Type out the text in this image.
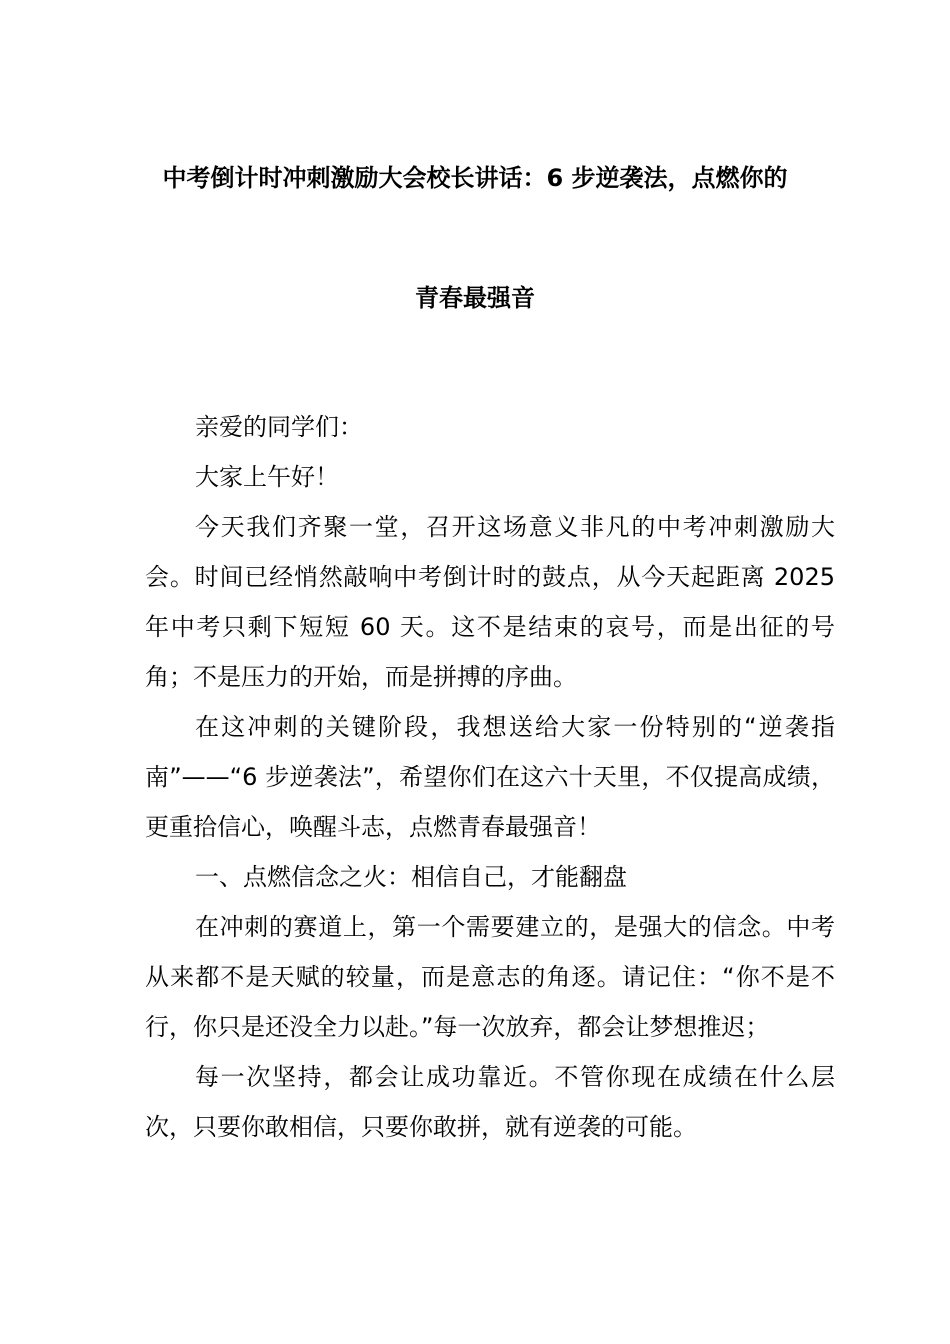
中考倒计时冲刺激励大会校长讲话：6 步逆袭法，点燃你的
青春最强音

亲爱的同学们：

大家上午好！

今天我们齐聚一堂，召开这场意义非凡的中考冲刺激励大会。时间已经悄然敲响中考倒计时的鼓点，从今天起距离 2025 年中考只剩下短短 60 天。这不是结束的哀号，而是出征的号角；不是压力的开始，而是拼搏的序曲。

在这冲刺的关键阶段，我想送给大家一份特别的“逆袭指南”——“6 步逆袭法”，希望你们在这六十天里，不仅提高成绩，更重拾信心，唤醒斗志，点燃青春最强音！

一、点燃信念之火：相信自己，才能翻盘

在冲刺的赛道上，第一个需要建立的，是强大的信念。中考从来都不是天赋的较量，而是意志的角逐。请记住：“你不是不行，你只是还没全力以赴。”每一次放弃，都会让梦想推迟；

每一次坚持，都会让成功靠近。不管你现在成绩在什么层次，只要你敢相信，只要你敢拼，就有逆袭的可能。
